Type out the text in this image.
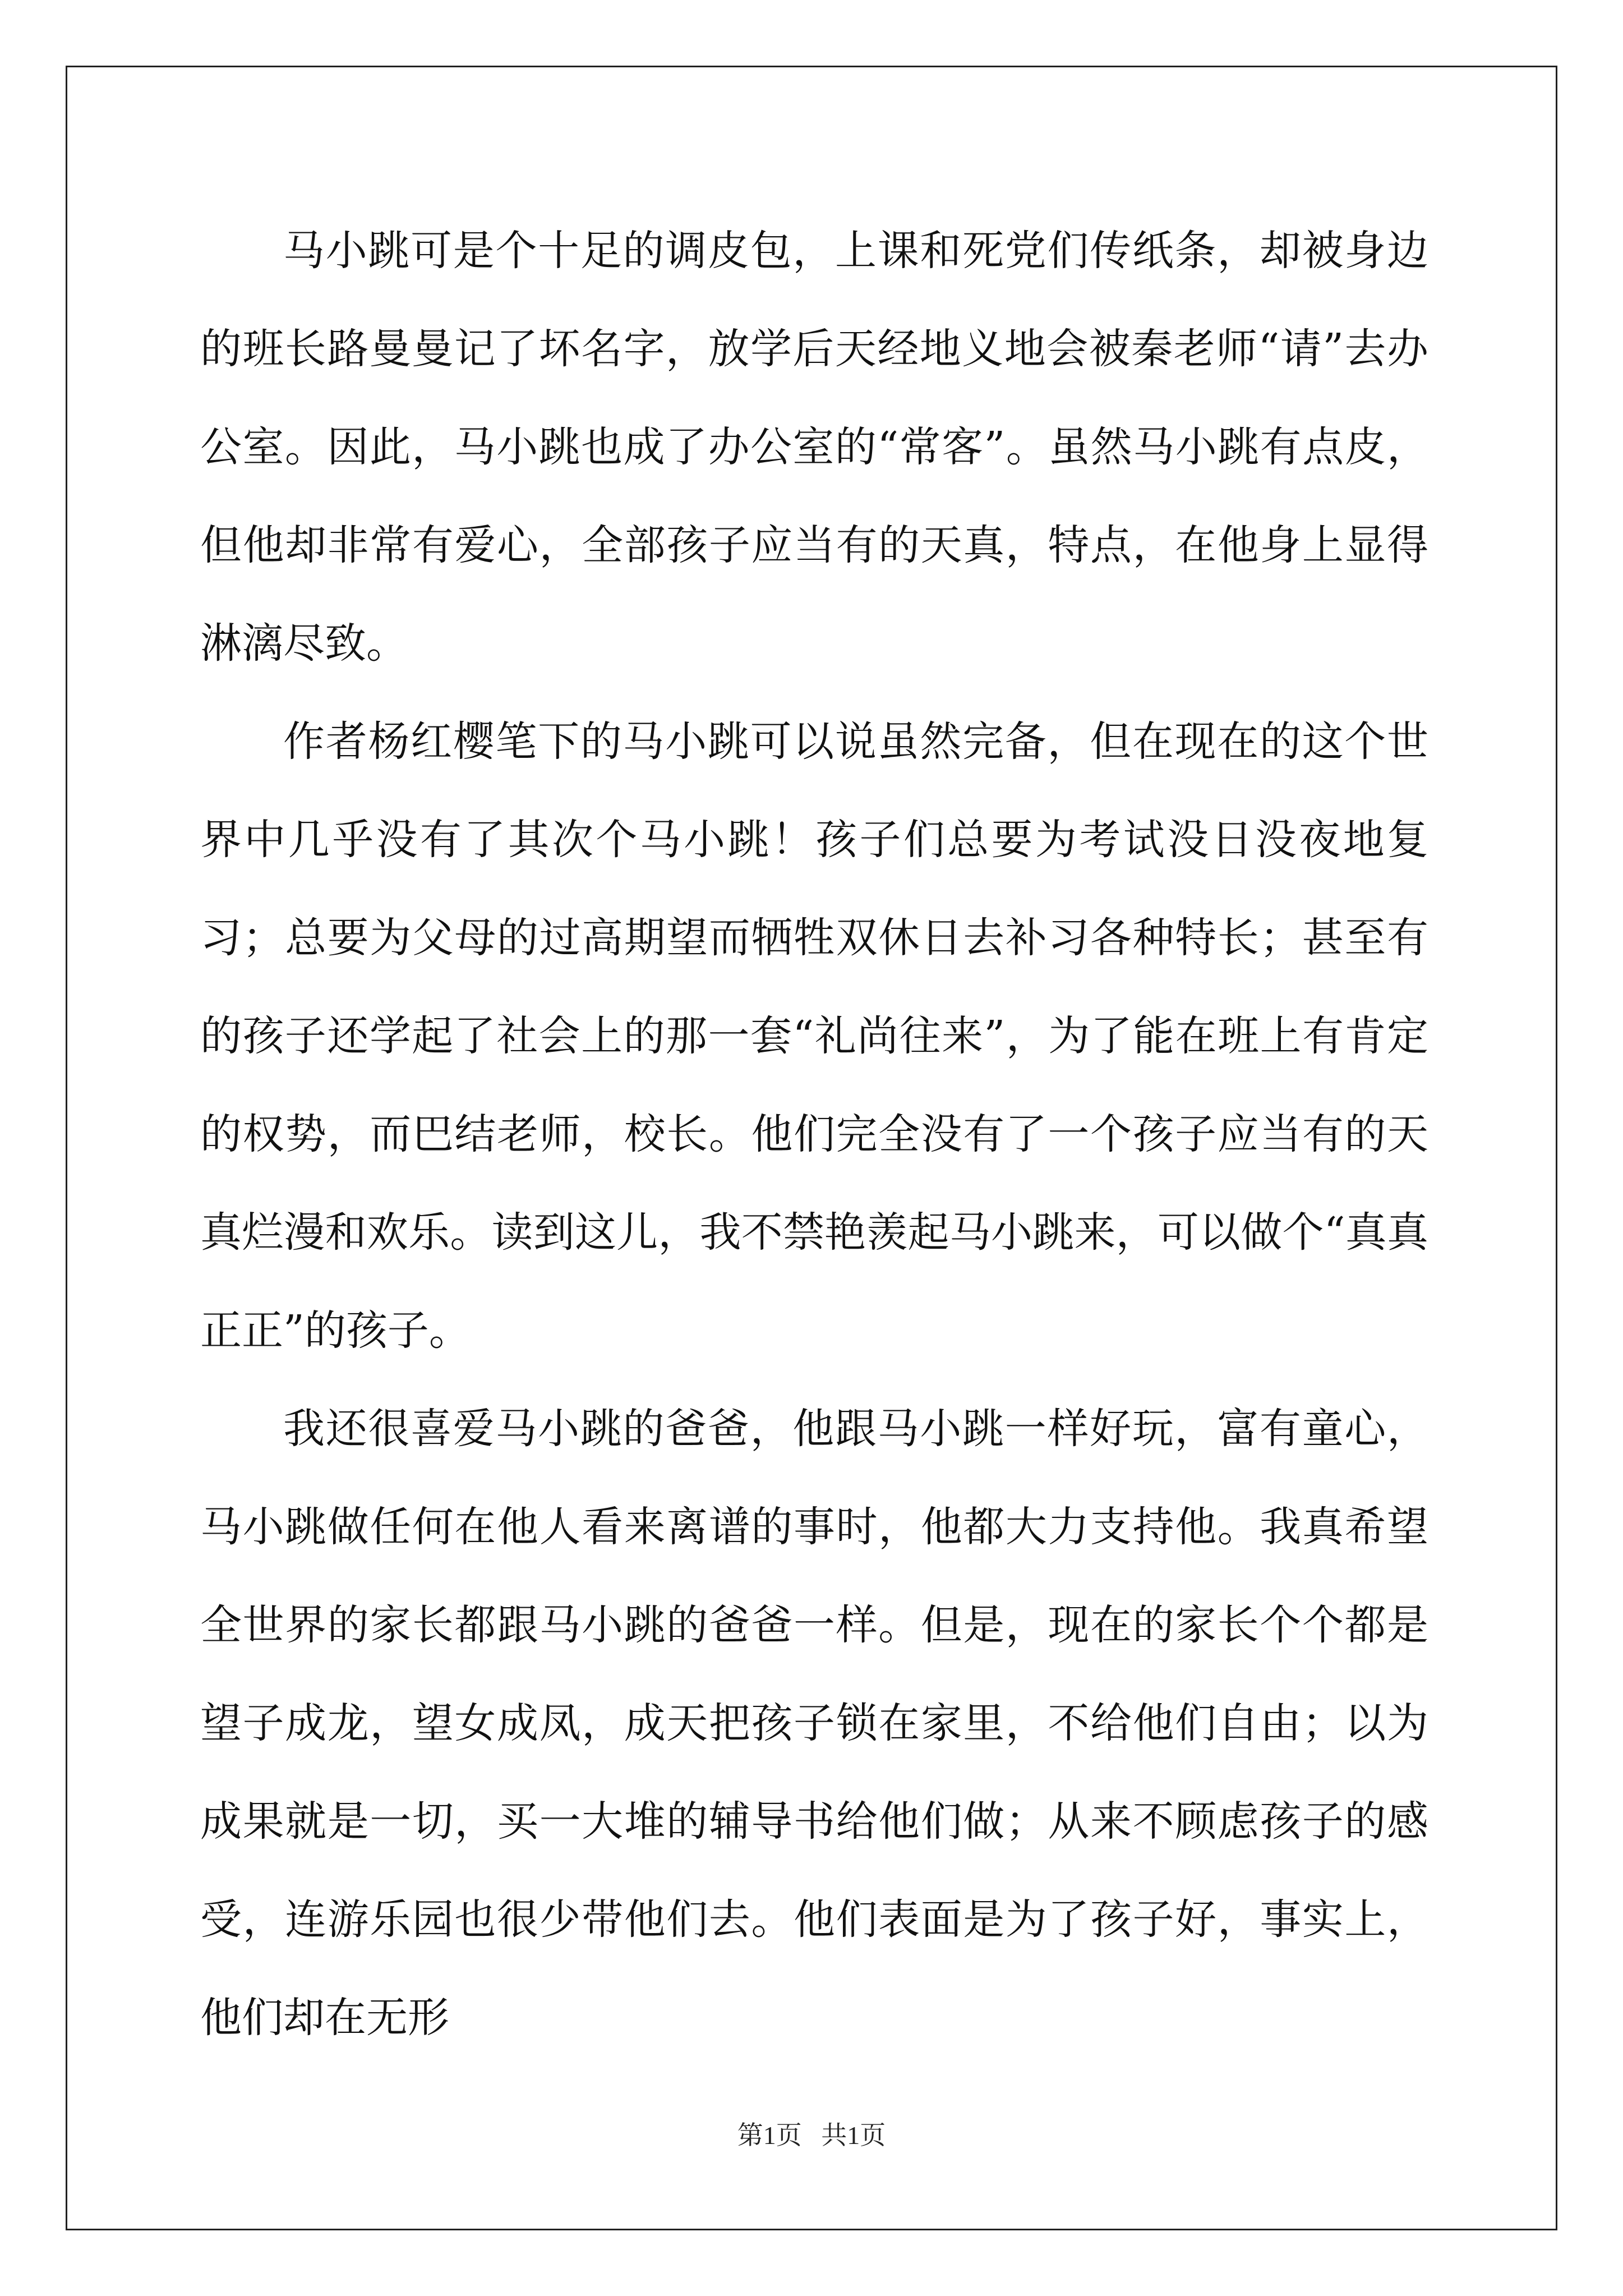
马小跳可是个十足的调皮包，上课和死党们传纸条，却被身边的班长路曼曼记了坏名字，放学后天经地义地会被秦老师“请”去办公室。因此，马小跳也成了办公室的“常客”。虽然马小跳有点皮，但他却非常有爱心，全部孩子应当有的天真，特点，在他身上显得淋漓尽致。

作者杨红樱笔下的马小跳可以说虽然完备，但在现在的这个世界中几乎没有了其次个马小跳！孩子们总要为考试没日没夜地复习；总要为父母的过高期望而牺牲双休日去补习各种特长；甚至有的孩子还学起了社会上的那一套“礼尚往来”，为了能在班上有肯定的权势，而巴结老师，校长。他们完全没有了一个孩子应当有的天真烂漫和欢乐。读到这儿，我不禁艳羡起马小跳来，可以做个“真真正正”的孩子。

我还很喜爱马小跳的爸爸，他跟马小跳一样好玩，富有童心，马小跳做任何在他人看来离谱的事时，他都大力支持他。我真希望全世界的家长都跟马小跳的爸爸一样。但是，现在的家长个个都是望子成龙，望女成凤，成天把孩子锁在家里，不给他们自由；以为成果就是一切，买一大堆的辅导书给他们做；从来不顾虑孩子的感受，连游乐园也很少带他们去。他们表面是为了孩子好，事实上，他们却在无形

第1页   共1页
